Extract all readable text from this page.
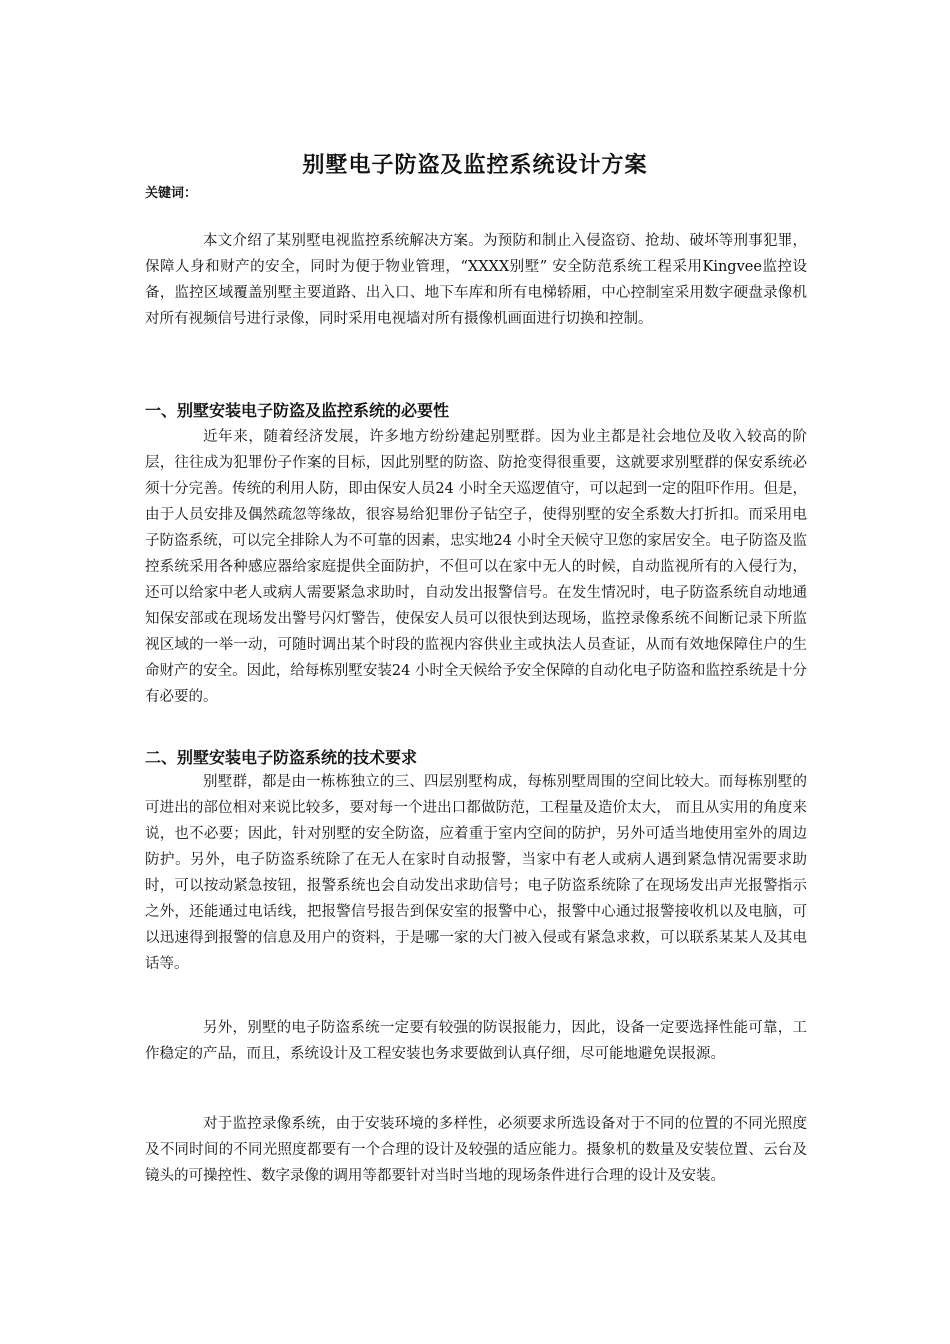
别墅电子防盗及监控系统设计方案
关键词：

本文介绍了某别墅电视监控系统解决方案。为预防和制止入侵盗窃、抢劫、破坏等刑事犯罪，保障人身和财产的安全，同时为便于物业管理，“XXXX别墅” 安全防范系统工程采用Kingvee监控设备，监控区域覆盖别墅主要道路、出入口、地下车库和所有电梯轿厢，中心控制室采用数字硬盘录像机对所有视频信号进行录像，同时采用电视墙对所有摄像机画面进行切换和控制。

一、别墅安装电子防盗及监控系统的必要性

近年来，随着经济发展，许多地方纷纷建起别墅群。因为业主都是社会地位及收入较高的阶层，往往成为犯罪份子作案的目标，因此别墅的防盗、防抢变得很重要，这就要求别墅群的保安系统必须十分完善。传统的利用人防，即由保安人员24 小时全天巡逻值守，可以起到一定的阻吓作用。但是，由于人员安排及偶然疏忽等缘故，很容易给犯罪份子钻空子，使得别墅的安全系数大打折扣。而采用电子防盗系统，可以完全排除人为不可靠的因素，忠实地24 小时全天候守卫您的家居安全。电子防盗及监控系统采用各种感应器给家庭提供全面防护，不但可以在家中无人的时候，自动监视所有的入侵行为，还可以给家中老人或病人需要紧急求助时，自动发出报警信号。在发生情况时，电子防盗系统自动地通知保安部或在现场发出警号闪灯警告，使保安人员可以很快到达现场，监控录像系统不间断记录下所监视区域的一举一动，可随时调出某个时段的监视内容供业主或执法人员查证，从而有效地保障住户的生命财产的安全。因此，给每栋别墅安装24 小时全天候给予安全保障的自动化电子防盗和监控系统是十分有必要的。

二、别墅安装电子防盗系统的技术要求

别墅群，都是由一栋栋独立的三、四层别墅构成，每栋别墅周围的空间比较大。而每栋别墅的可进出的部位相对来说比较多，要对每一个进出口都做防范，工程量及造价太大， 而且从实用的角度来说，也不必要；因此，针对别墅的安全防盗，应着重于室内空间的防护，另外可适当地使用室外的周边防护。另外，电子防盗系统除了在无人在家时自动报警，当家中有老人或病人遇到紧急情况需要求助时，可以按动紧急按钮，报警系统也会自动发出求助信号；电子防盗系统除了在现场发出声光报警指示之外，还能通过电话线，把报警信号报告到保安室的报警中心，报警中心通过报警接收机以及电脑，可以迅速得到报警的信息及用户的资料，于是哪一家的大门被入侵或有紧急求救，可以联系某某人及其电话等。

另外，别墅的电子防盗系统一定要有较强的防误报能力，因此，设备一定要选择性能可靠，工作稳定的产品，而且，系统设计及工程安装也务求要做到认真仔细，尽可能地避免误报源。

对于监控录像系统，由于安装环境的多样性，必须要求所选设备对于不同的位置的不同光照度及不同时间的不同光照度都要有一个合理的设计及较强的适应能力。摄象机的数量及安装位置、云台及镜头的可操控性、数字录像的调用等都要针对当时当地的现场条件进行合理的设计及安装。
